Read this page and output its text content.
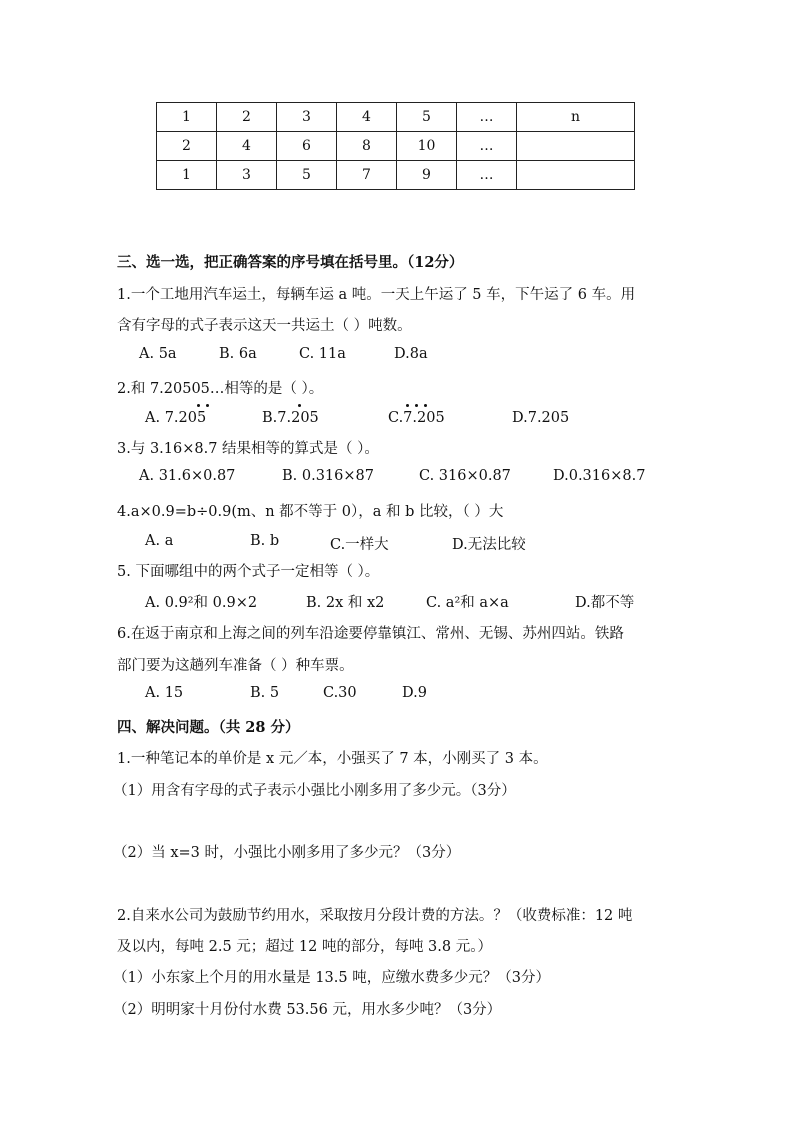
1	2	3	4	5	…	n
2	4	6	8	10	…	
1	3	5	7	9	…	
三、选一选，把正确答案的序号填在括号里。（12分）
1.一个工地用汽车运土，每辆车运 a 吨。一天上午运了 5 车，下午运了 6 车。用
含有字母的式子表示这天一共运土（ ）吨数。
A. 5a	B. 6a	C. 11a	D.8a
2.和 7.20505…相等的是（ ）。
A. 7.205	B.7.205	C.7.205	D.7.205
3.与 3.16×8.7 结果相等的算式是（ ）。
A. 31.6×0.87	B. 0.316×87	C. 316×0.87	D.0.316×8.7
4.a×0.9=b÷0.9(m、n 都不等于 0），a 和 b 比较，（ ）大
A. a	B. b	C.一样大	D.无法比较
5. 下面哪组中的两个式子一定相等（ ）。
A. 0.9²和 0.9×2	B. 2x 和 x2	C. a²和 a×a	D.都不等
6.在返于南京和上海之间的列车沿途要停靠镇江、常州、无锡、苏州四站。铁路
部门要为这趟列车准备（ ）种车票。
A. 15	B. 5	C.30	D.9
四、解决问题。（共 28 分）
1.一种笔记本的单价是 x 元／本，小强买了 7 本，小刚买了 3 本。
（1）用含有字母的式子表示小强比小刚多用了多少元。（3分）
（2）当 x=3 时，小强比小刚多用了多少元？（3分）
2.自来水公司为鼓励节约用水，采取按月分段计费的方法。？（收费标准：12 吨
及以内，每吨 2.5 元；超过 12 吨的部分，每吨 3.8 元。）
（1）小东家上个月的用水量是 13.5 吨，应缴水费多少元？（3分）
（2）明明家十月份付水费 53.56 元，用水多少吨？（3分）
